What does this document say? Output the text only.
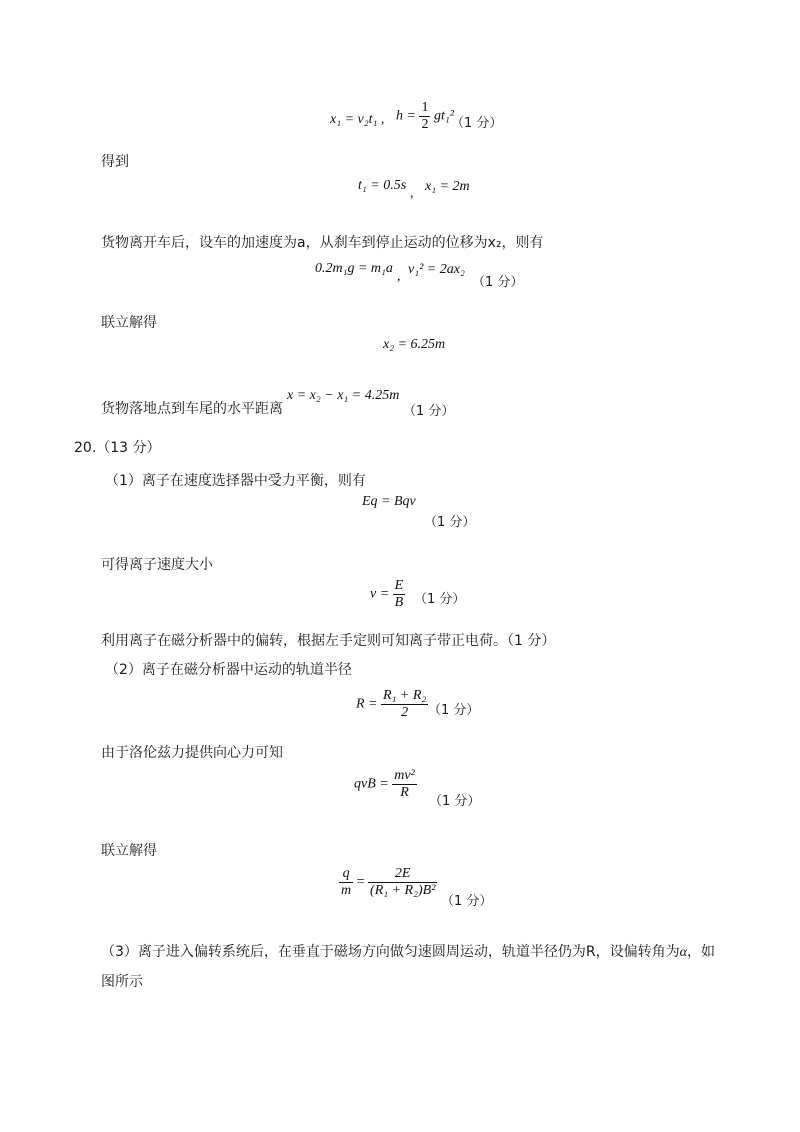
x₁ = v₂t₁ , $h = \frac{1}{2} gt_1^2$
（1 分）
得到
t₁ = 0.5s
, x₁ = 2m
货物离开车后，设车的加速度为a，从刹车到停止运动的位移为x₂，则有
0.2m₁g = m₁a
, v₁² = 2ax₂
（1 分）
联立解得
x₂ = 6.25m
货物落地点到车尾的水平距离
x = x₂ − x₁ = 4.25m
（1 分）
20.（13 分）
（1）离子在速度选择器中受力平衡，则有
Eq = Bqv
（1 分）
可得离子速度大小
$v = \frac{E}{B} (1$ 分）
利用离子在磁分析器中的偏转，根据左手定则可知离子带正电荷。（1 分）
（2）离子在磁分析器中运动的轨道半径
$R = \frac{\text{R₁ + R₂}}{2} (1$ 分）
由于洛伦兹力提供向心力可知
qvB = $\frac{\text{mv²}}{R}$
（1 分）
联立解得
$\frac{q}{m} = \frac{2E}{\text{(R₁ + R₂)B²}}$
（1 分）
（3）离子进入偏转系统后，在垂直于磁场方向做匀速圆周运动，轨道半径仍为R，设偏转角为α，如
图所示
